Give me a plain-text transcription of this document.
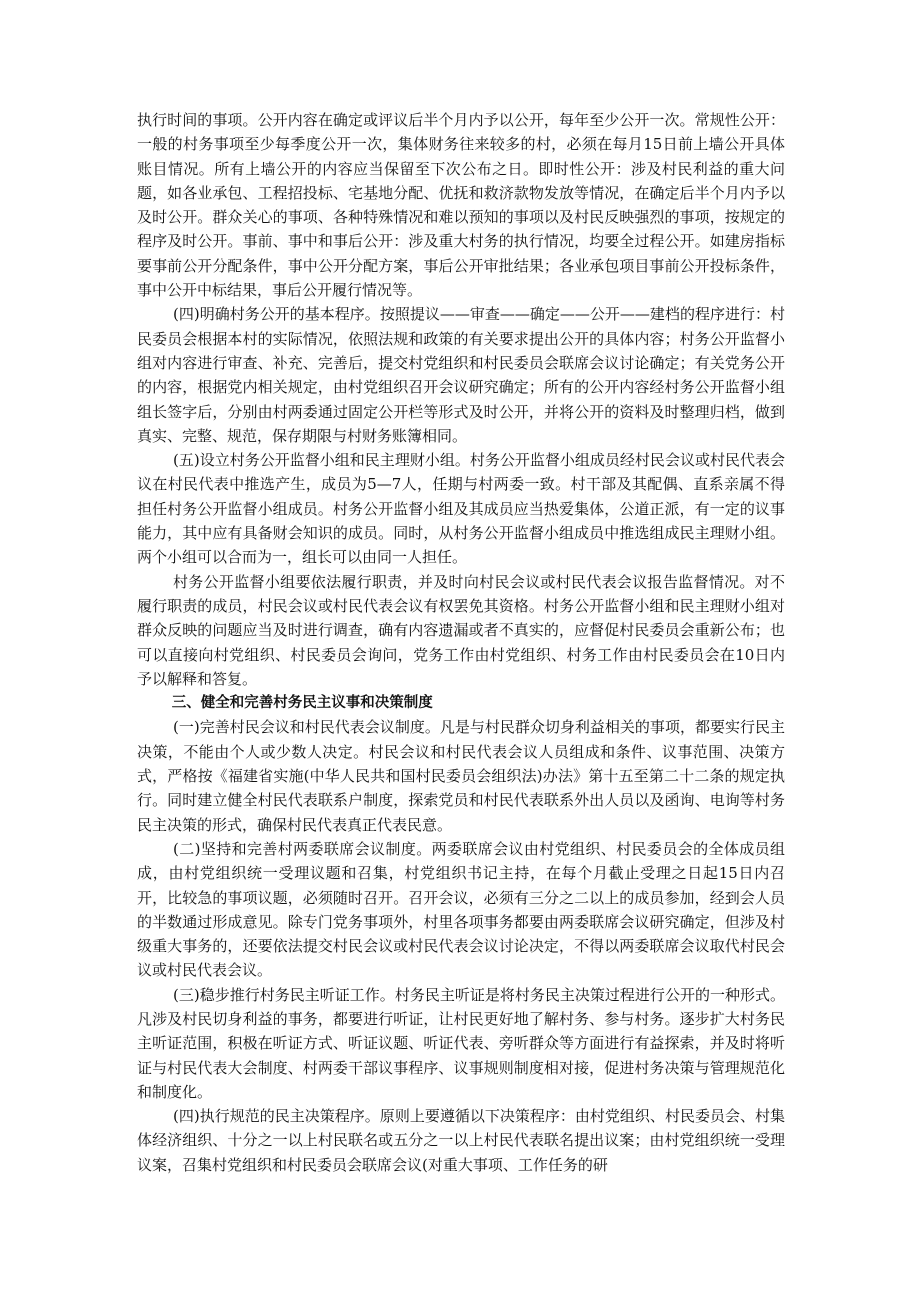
执行时间的事项。公开内容在确定或评议后半个月内予以公开，每年至少公开一次。常规性公开：一般的村务事项至少每季度公开一次，集体财务往来较多的村，必须在每月15日前上墙公开具体账目情况。所有上墙公开的内容应当保留至下次公布之日。即时性公开：涉及村民利益的重大问题，如各业承包、工程招投标、宅基地分配、优抚和救济款物发放等情况，在确定后半个月内予以及时公开。群众关心的事项、各种特殊情况和难以预知的事项以及村民反映强烈的事项，按规定的程序及时公开。事前、事中和事后公开：涉及重大村务的执行情况，均要全过程公开。如建房指标要事前公开分配条件，事中公开分配方案，事后公开审批结果；各业承包项目事前公开投标条件，事中公开中标结果，事后公开履行情况等。

(四)明确村务公开的基本程序。按照提议——审查——确定——公开——建档的程序进行：村民委员会根据本村的实际情况，依照法规和政策的有关要求提出公开的具体内容；村务公开监督小组对内容进行审查、补充、完善后，提交村党组织和村民委员会联席会议讨论确定；有关党务公开的内容，根据党内相关规定，由村党组织召开会议研究确定；所有的公开内容经村务公开监督小组组长签字后，分别由村两委通过固定公开栏等形式及时公开，并将公开的资料及时整理归档，做到真实、完整、规范，保存期限与村财务账簿相同。

(五)设立村务公开监督小组和民主理财小组。村务公开监督小组成员经村民会议或村民代表会议在村民代表中推选产生，成员为5—7人，任期与村两委一致。村干部及其配偶、直系亲属不得担任村务公开监督小组成员。村务公开监督小组及其成员应当热爱集体，公道正派，有一定的议事能力，其中应有具备财会知识的成员。同时，从村务公开监督小组成员中推选组成民主理财小组。两个小组可以合而为一，组长可以由同一人担任。

村务公开监督小组要依法履行职责，并及时向村民会议或村民代表会议报告监督情况。对不履行职责的成员，村民会议或村民代表会议有权罢免其资格。村务公开监督小组和民主理财小组对群众反映的问题应当及时进行调查，确有内容遗漏或者不真实的，应督促村民委员会重新公布；也可以直接向村党组织、村民委员会询问，党务工作由村党组织、村务工作由村民委员会在10日内予以解释和答复。

三、健全和完善村务民主议事和决策制度

(一)完善村民会议和村民代表会议制度。凡是与村民群众切身利益相关的事项，都要实行民主决策，不能由个人或少数人决定。村民会议和村民代表会议人员组成和条件、议事范围、决策方式，严格按《福建省实施(中华人民共和国村民委员会组织法)办法》第十五至第二十二条的规定执行。同时建立健全村民代表联系户制度，探索党员和村民代表联系外出人员以及函询、电询等村务民主决策的形式，确保村民代表真正代表民意。

(二)坚持和完善村两委联席会议制度。两委联席会议由村党组织、村民委员会的全体成员组成，由村党组织统一受理议题和召集，村党组织书记主持，在每个月截止受理之日起15日内召开，比较急的事项议题，必须随时召开。召开会议，必须有三分之二以上的成员参加，经到会人员的半数通过形成意见。除专门党务事项外，村里各项事务都要由两委联席会议研究确定，但涉及村级重大事务的，还要依法提交村民会议或村民代表会议讨论决定，不得以两委联席会议取代村民会议或村民代表会议。

(三)稳步推行村务民主听证工作。村务民主听证是将村务民主决策过程进行公开的一种形式。凡涉及村民切身利益的事务，都要进行听证，让村民更好地了解村务、参与村务。逐步扩大村务民主听证范围，积极在听证方式、听证议题、听证代表、旁听群众等方面进行有益探索，并及时将听证与村民代表大会制度、村两委干部议事程序、议事规则制度相对接，促进村务决策与管理规范化和制度化。

(四)执行规范的民主决策程序。原则上要遵循以下决策程序：由村党组织、村民委员会、村集体经济组织、十分之一以上村民联名或五分之一以上村民代表联名提出议案；由村党组织统一受理议案，召集村党组织和村民委员会联席会议(对重大事项、工作任务的研
